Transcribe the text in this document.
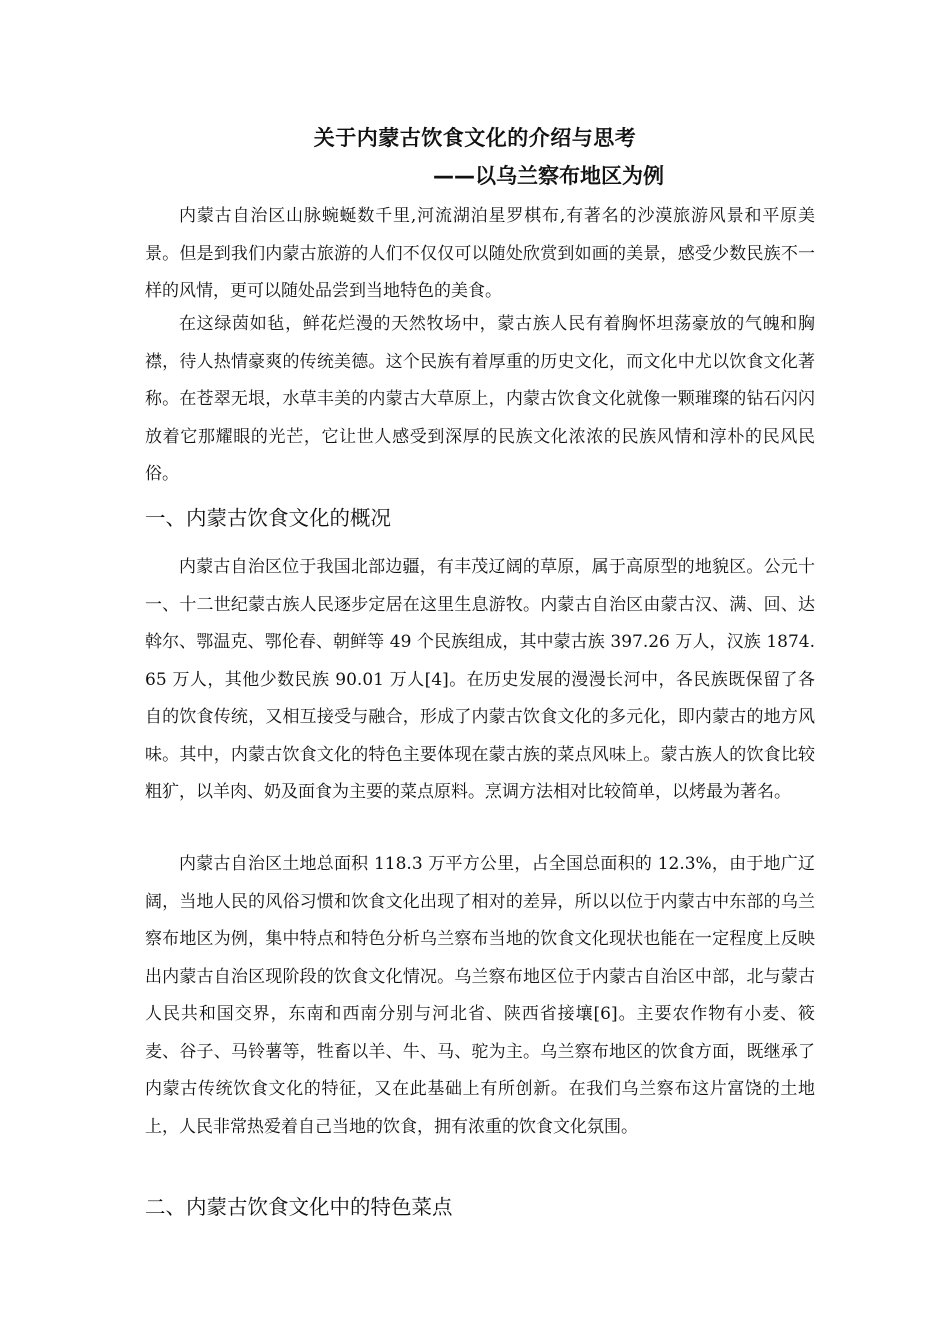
关于内蒙古饮食文化的介绍与思考
——以乌兰察布地区为例

内蒙古自治区山脉蜿蜒数千里,河流湖泊星罗棋布,有著名的沙漠旅游风景和平原美景。但是到我们内蒙古旅游的人们不仅仅可以随处欣赏到如画的美景，感受少数民族不一样的风情，更可以随处品尝到当地特色的美食。

在这绿茵如毡，鲜花烂漫的天然牧场中，蒙古族人民有着胸怀坦荡豪放的气魄和胸襟，待人热情豪爽的传统美德。这个民族有着厚重的历史文化，而文化中尤以饮食文化著称。在苍翠无垠，水草丰美的内蒙古大草原上，内蒙古饮食文化就像一颗璀璨的钻石闪闪放着它那耀眼的光芒，它让世人感受到深厚的民族文化浓浓的民族风情和淳朴的民风民俗。

一、内蒙古饮食文化的概况

内蒙古自治区位于我国北部边疆，有丰茂辽阔的草原，属于高原型的地貌区。公元十一、十二世纪蒙古族人民逐步定居在这里生息游牧。内蒙古自治区由蒙古汉、满、回、达斡尔、鄂温克、鄂伦春、朝鲜等 49 个民族组成，其中蒙古族 397.26 万人，汉族 1874.65 万人，其他少数民族 90.01 万人[4]。在历史发展的漫漫长河中，各民族既保留了各自的饮食传统，又相互接受与融合，形成了内蒙古饮食文化的多元化，即内蒙古的地方风味。其中，内蒙古饮食文化的特色主要体现在蒙古族的菜点风味上。蒙古族人的饮食比较粗犷，以羊肉、奶及面食为主要的菜点原料。烹调方法相对比较简单，以烤最为著名。

内蒙古自治区土地总面积 118.3 万平方公里，占全国总面积的 12.3%，由于地广辽阔，当地人民的风俗习惯和饮食文化出现了相对的差异，所以以位于内蒙古中东部的乌兰察布地区为例，集中特点和特色分析乌兰察布当地的饮食文化现状也能在一定程度上反映出内蒙古自治区现阶段的饮食文化情况。乌兰察布地区位于内蒙古自治区中部，北与蒙古人民共和国交界，东南和西南分别与河北省、陕西省接壤[6]。主要农作物有小麦、筱麦、谷子、马铃薯等，牲畜以羊、牛、马、驼为主。乌兰察布地区的饮食方面，既继承了内蒙古传统饮食文化的特征，又在此基础上有所创新。在我们乌兰察布这片富饶的土地上，人民非常热爱着自己当地的饮食，拥有浓重的饮食文化氛围。

二、内蒙古饮食文化中的特色菜点
